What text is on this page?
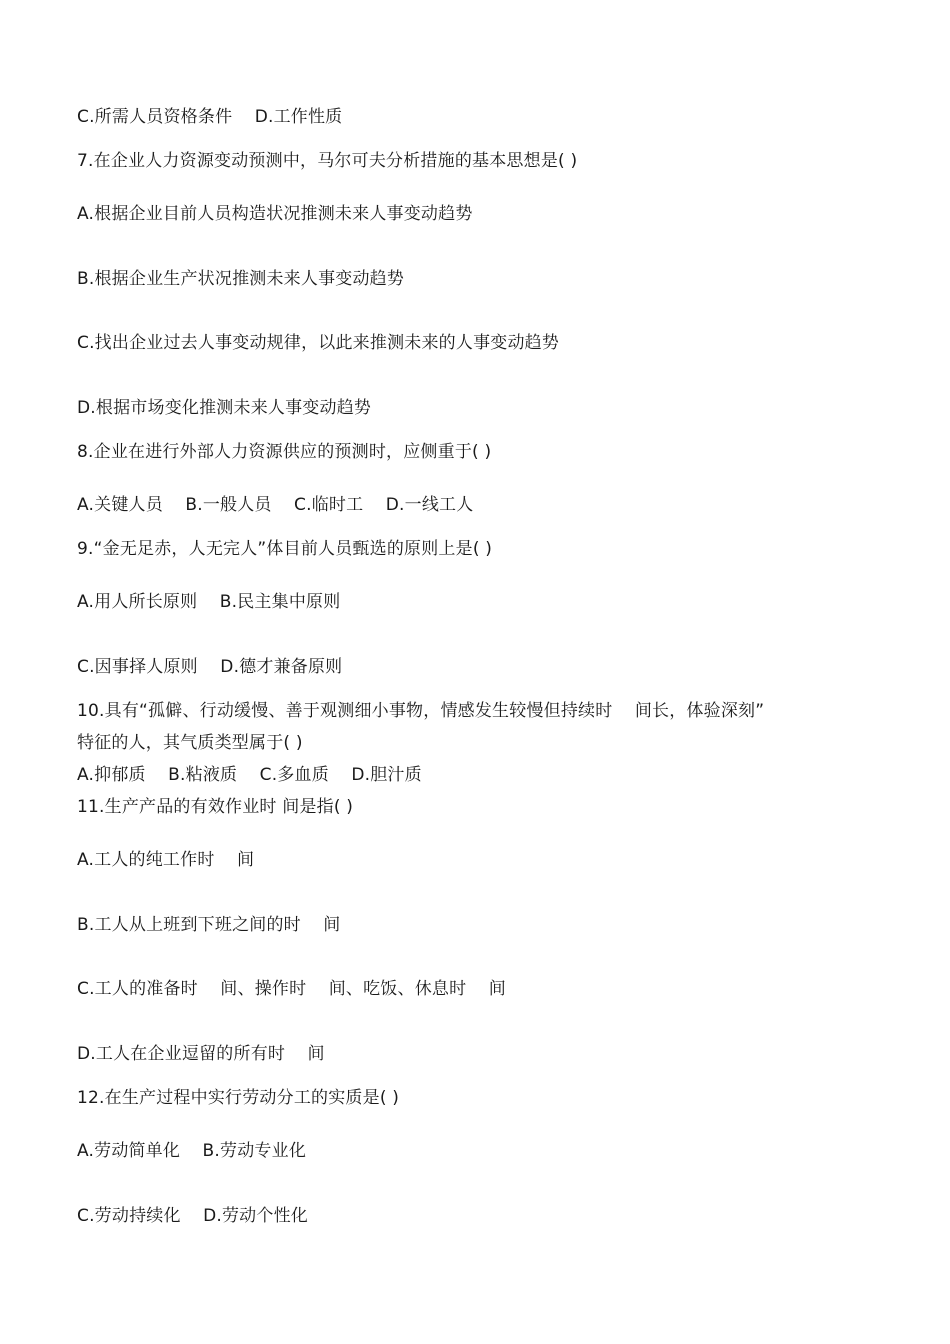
C.所需人员资格条件    D.工作性质
7.在企业人力资源变动预测中，马尔可夫分析措施的基本思想是( )
A.根据企业目前人员构造状况推测未来人事变动趋势
B.根据企业生产状况推测未来人事变动趋势
C.找出企业过去人事变动规律，以此来推测未来的人事变动趋势
D.根据市场变化推测未来人事变动趋势
8.企业在进行外部人力资源供应的预测时，应侧重于( )
A.关键人员    B.一般人员    C.临时工    D.一线工人
9.“金无足赤，人无完人”体目前人员甄选的原则上是( )
A.用人所长原则    B.民主集中原则
C.因事择人原则    D.德才兼备原则
10.具有“孤僻、行动缓慢、善于观测细小事物，情感发生较慢但持续时    间长，体验深刻”
特征的人，其气质类型属于( )
A.抑郁质    B.粘液质    C.多血质    D.胆汁质
11.生产产品的有效作业时 间是指( )
A.工人的纯工作时    间
B.工人从上班到下班之间的时    间
C.工人的准备时    间、操作时    间、吃饭、休息时    间
D.工人在企业逗留的所有时    间
12.在生产过程中实行劳动分工的实质是( )
A.劳动简单化    B.劳动专业化
C.劳动持续化    D.劳动个性化
